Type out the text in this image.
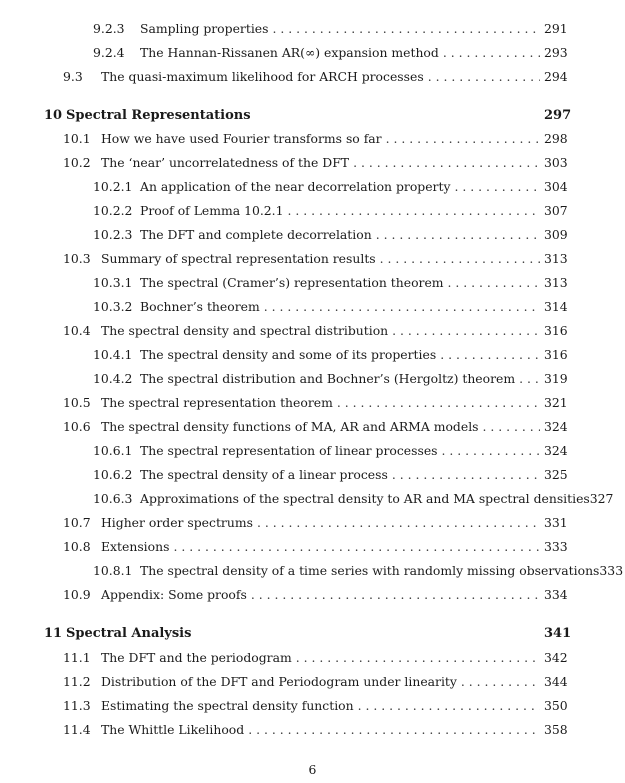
9.2.3	Sampling properties . . .	291
9.2.4	The Hannan-Rissanen AR(∞) expansion method . . .	293
9.3	The quasi-maximum likelihood for ARCH processes . . .	294
10 Spectral Representations	297
10.1 How we have used Fourier transforms so far . . .	298
10.2 The ‘near’ uncorrelatedness of the DFT . . .	303
10.2.1 An application of the near decorrelation property . . .	304
10.2.2 Proof of Lemma 10.2.1 . . .	307
10.2.3 The DFT and complete decorrelation . . .	309
10.3 Summary of spectral representation results . . .	313
10.3.1 The spectral (Cramer’s) representation theorem . . .	313
10.3.2 Bochner’s theorem . . .	314
10.4 The spectral density and spectral distribution . . .	316
10.4.1 The spectral density and some of its properties . . .	316
10.4.2 The spectral distribution and Bochner’s (Hergoltz) theorem . . . 319
10.5 The spectral representation theorem . . .	321
10.6 The spectral density functions of MA, AR and ARMA models . . .	324
10.6.1 The spectral representation of linear processes . . .	324
10.6.2 The spectral density of a linear process . . .	325
10.6.3 Approximations of the spectral density to AR and MA spectral densities 327
10.7 Higher order spectrums . . .	331
10.8 Extensions . . .	333
10.8.1 The spectral density of a time series with randomly missing observations 333
10.9 Appendix: Some proofs . . .	334
11 Spectral Analysis	341
11.1 The DFT and the periodogram . . .	342
11.2 Distribution of the DFT and Periodogram under linearity . . .	344
11.3 Estimating the spectral density function . . .	350
11.4 The Whittle Likelihood . . .	358
6
